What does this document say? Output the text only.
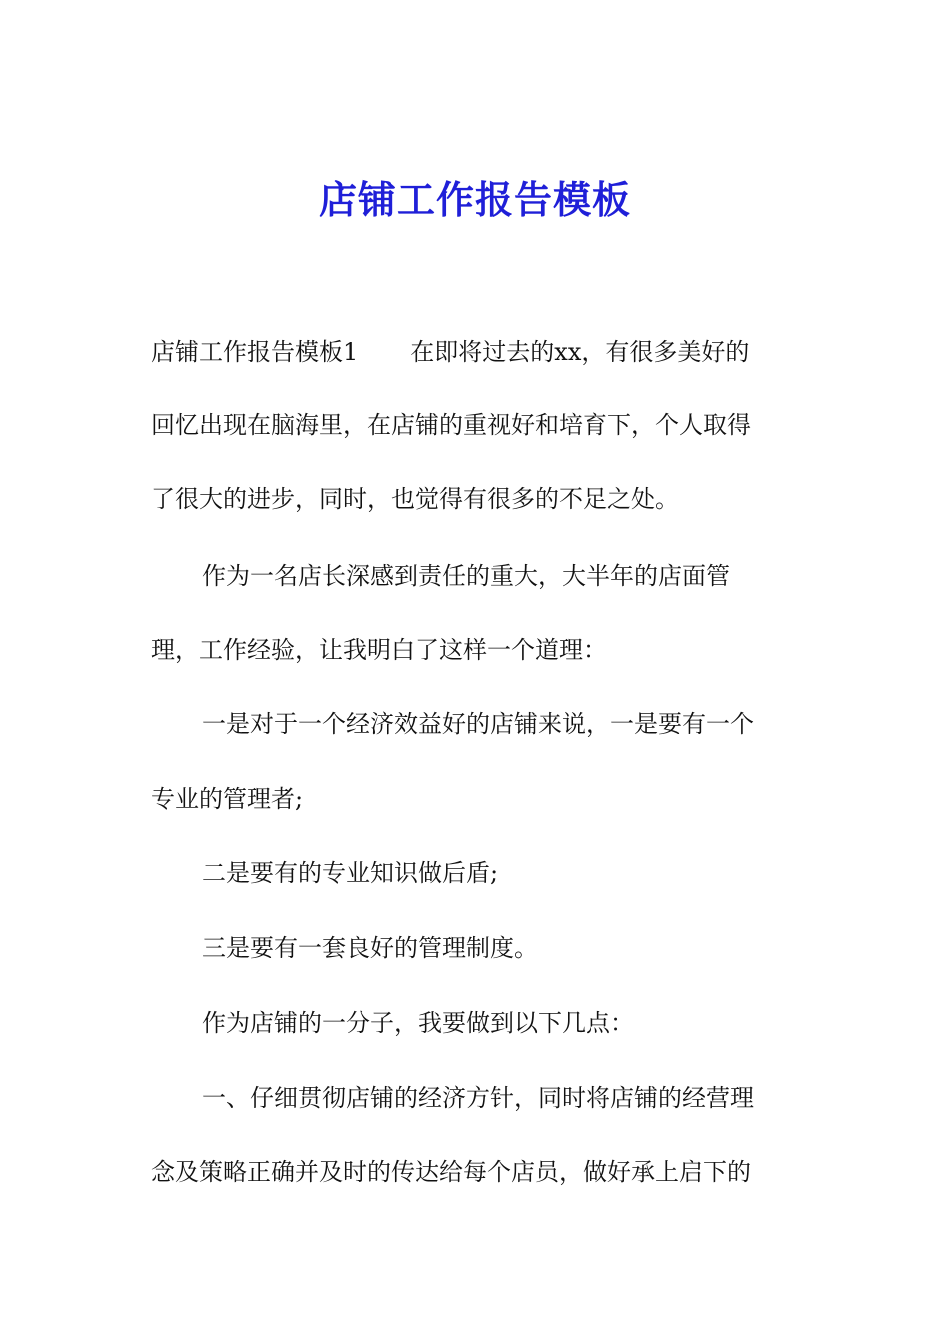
店铺工作报告模板
店铺工作报告模板1 在即将过去的xx，有很多美好的
回忆出现在脑海里，在店铺的重视好和培育下，个人取得
了很大的进步，同时，也觉得有很多的不足之处。
作为一名店长深感到责任的重大，大半年的店面管
理，工作经验，让我明白了这样一个道理：
一是对于一个经济效益好的店铺来说，一是要有一个
专业的管理者;
二是要有的专业知识做后盾;
三是要有一套良好的管理制度。
作为店铺的一分子，我要做到以下几点：
一、仔细贯彻店铺的经济方针，同时将店铺的经营理
念及策略正确并及时的传达给每个店员，做好承上启下的
